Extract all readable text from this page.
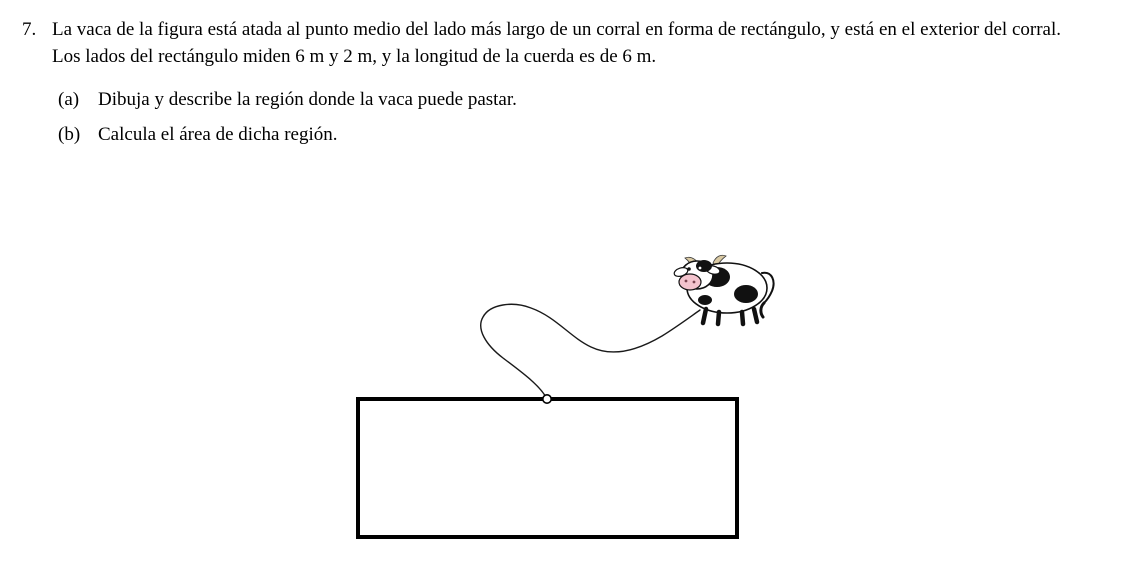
7. La vaca de la figura está atada al punto medio del lado más largo de un corral en forma de rectángulo, y está en el exterior del corral. Los lados del rectángulo miden 6 m y 2 m, y la longitud de la cuerda es de 6 m.
(a) Dibuja y describe la región donde la vaca puede pastar.
(b) Calcula el área de dicha región.
